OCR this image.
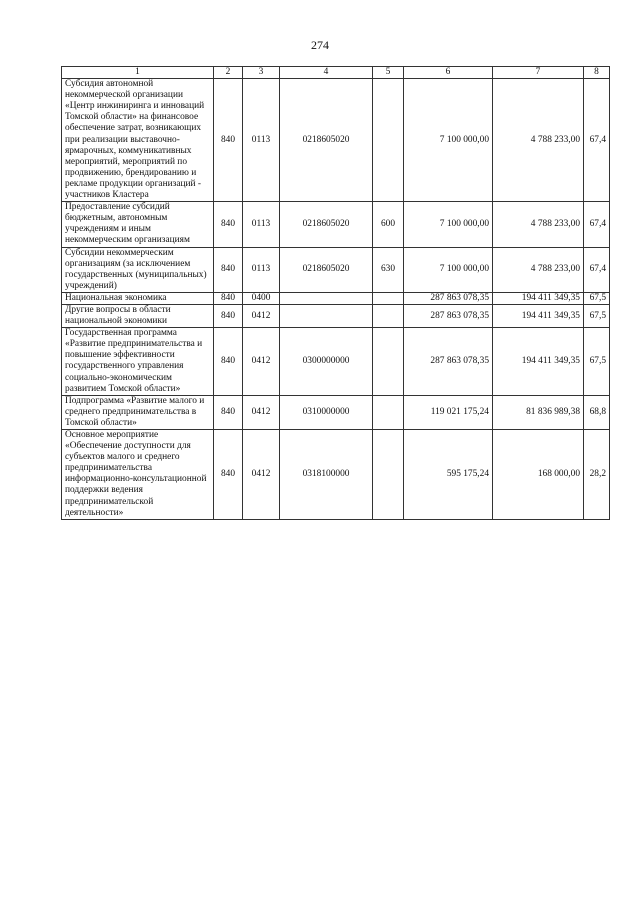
274
1	2	3	4	5	6	7	8
Субсидия автономной некоммерческой организации «Центр инжиниринга и инноваций Томской области» на финансовое обеспечение затрат, возникающих при реализации выставочно-ярмарочных, коммуникативных мероприятий, мероприятий по продвижению, брендированию и рекламе продукции организаций - участников Кластера	840	0113	0218605020		7 100 000,00	4 788 233,00	67,4
Предоставление субсидий бюджетным, автономным учреждениям и иным некоммерческим организациям	840	0113	0218605020	600	7 100 000,00	4 788 233,00	67,4
Субсидии некоммерческим организациям (за исключением государственных (муниципальных) учреждений)	840	0113	0218605020	630	7 100 000,00	4 788 233,00	67,4
Национальная экономика	840	0400			287 863 078,35	194 411 349,35	67,5
Другие вопросы в области национальной экономики	840	0412			287 863 078,35	194 411 349,35	67,5
Государственная программа «Развитие предпринимательства и повышение эффективности государственного управления социально-экономическим развитием Томской области»	840	0412	0300000000		287 863 078,35	194 411 349,35	67,5
Подпрограмма «Развитие малого и среднего предпринимательства в Томской области»	840	0412	0310000000		119 021 175,24	81 836 989,38	68,8
Основное мероприятие «Обеспечение доступности для субъектов малого и среднего предпринимательства информационно-консультационной поддержки ведения предпринимательской деятельности»	840	0412	0318100000		595 175,24	168 000,00	28,2
